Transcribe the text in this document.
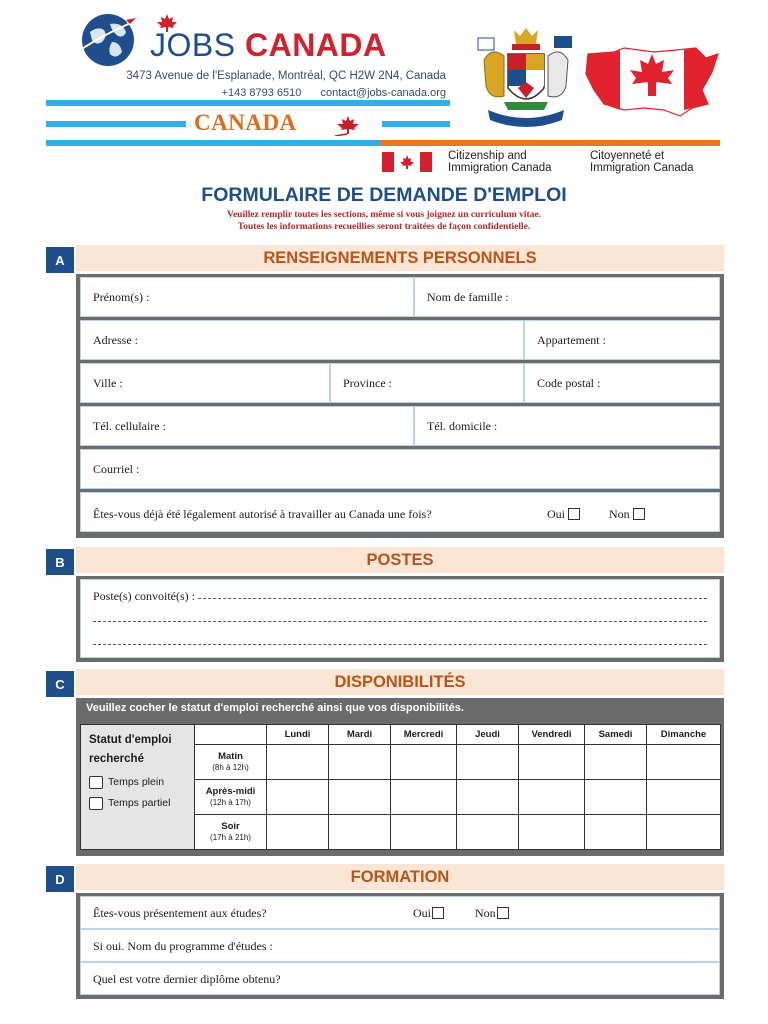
JOBS CANADA
3473 Avenue de l'Esplanade, Montréal, QC H2W 2N4, Canada
+143 8793 6510 contact@jobs-canada.org
CANADA
Citizenship and
Immigration Canada
Citoyenneté et
Immigration Canada
FORMULAIRE DE DEMANDE D'EMPLOI
Veuillez remplir toutes les sections, même si vous joignez un curriculum vitae.
Toutes les informations recueillies seront traitées de façon confidentielle.
A	RENSEIGNEMENTS PERSONNELS
Prénom(s) :	Nom de famille :
Adresse :	Appartement :
Ville :	Province :	Code postal :
Tél. cellulaire :	Tél. domicile :
Courriel :
Êtes-vous déjà été légalement autorisé à travailler au Canada une fois?	Oui	Non
B	POSTES
Poste(s) convoité(s) :
C	DISPONIBILITÉS
Veuillez cocher le statut d'emploi recherché ainsi que vos disponibilités.
Statut d'emploi recherché
Temps plein
Temps partiel		Lundi	Mardi	Mercredi	Jeudi	Vendredi	Samedi	Dimanche
	Matin
(8h à 12h)							

	Après-midi
(12h à 17h)							

	Soir
(17h à 21h)							

D	FORMATION
Êtes-vous présentement aux études?	Oui	Non
Si oui. Nom du programme d'études :
Quel est votre dernier diplôme obtenu?
